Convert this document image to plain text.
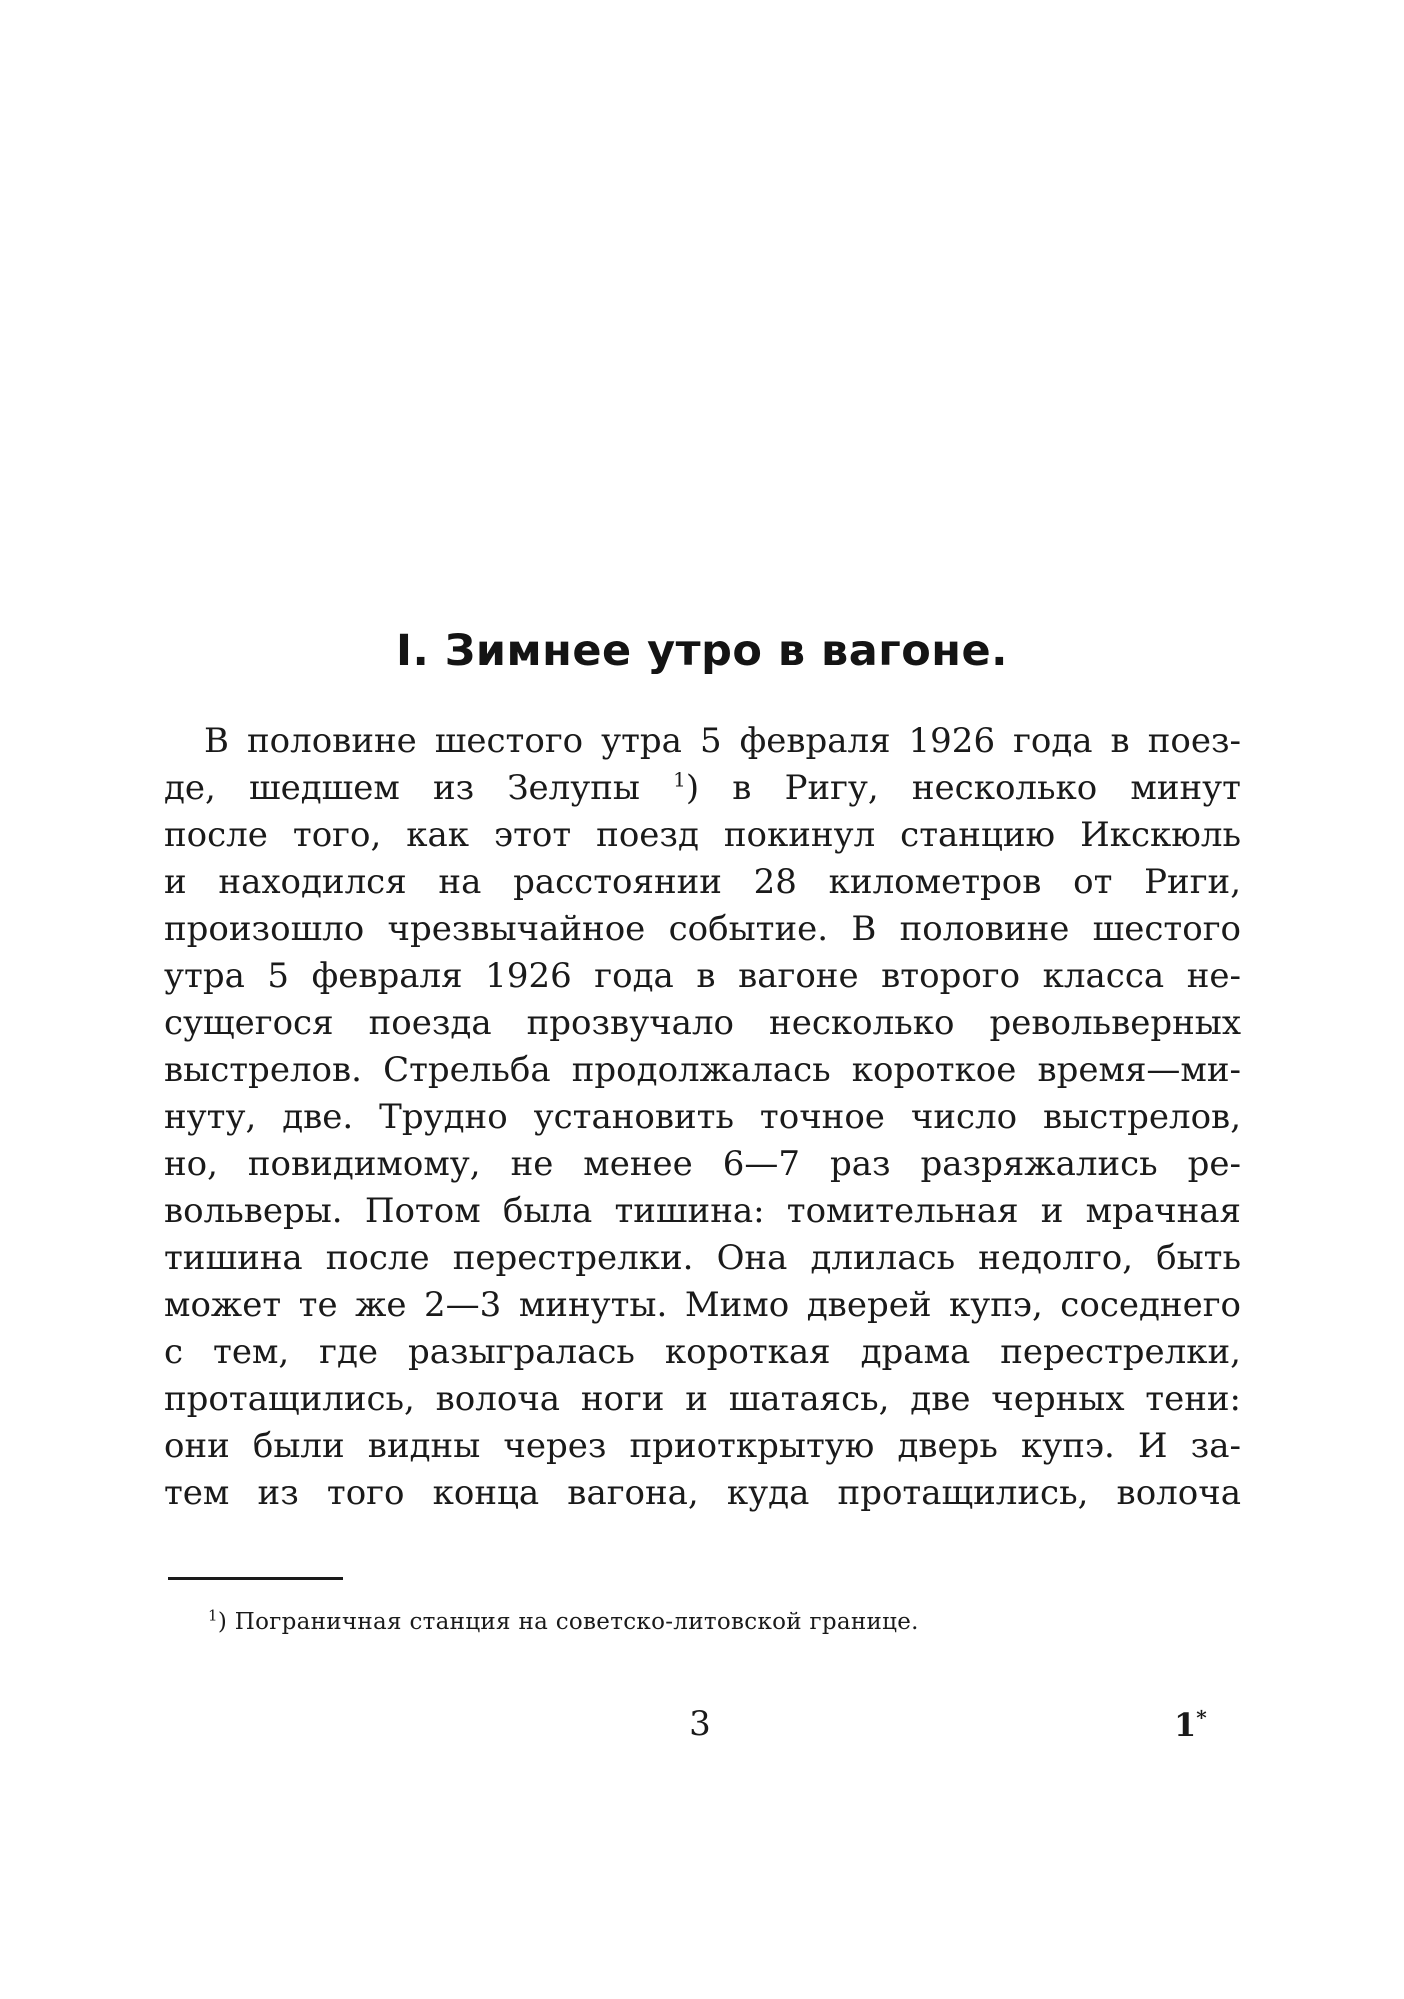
I. Зимнее утро в вагоне.
В половине шестого утра 5 февраля 1926 года в поез-
де, шедшем из Зелупы $^1$) в Ригу, несколько минут
после того, как этот поезд покинул станцию Икскюль
и находился на расстоянии 28 километров от Риги,
произошло чрезвычайное событие. В половине шестого
утра 5 февраля 1926 года в вагоне второго класса не-
сущегося поезда прозвучало несколько револьверных
выстрелов. Стрельба продолжалась короткое время—ми-
нуту, две. Трудно установить точное число выстрелов,
но, повидимому, не менее 6—7 раз разряжались ре-
вольверы. Потом была тишина: томительная и мрачная
тишина после перестрелки. Она длилась недолго, быть
может те же 2—3 минуты. Мимо дверей купэ, соседнего
с тем, где разыгралась короткая драма перестрелки,
протащились, волоча ноги и шатаясь, две черных тени:
они были видны через приоткрытую дверь купэ. И за-
тем из того конца вагона, куда протащились, волоча
$^1$) Пограничная станция на советско-литовской границе.
3	1*
